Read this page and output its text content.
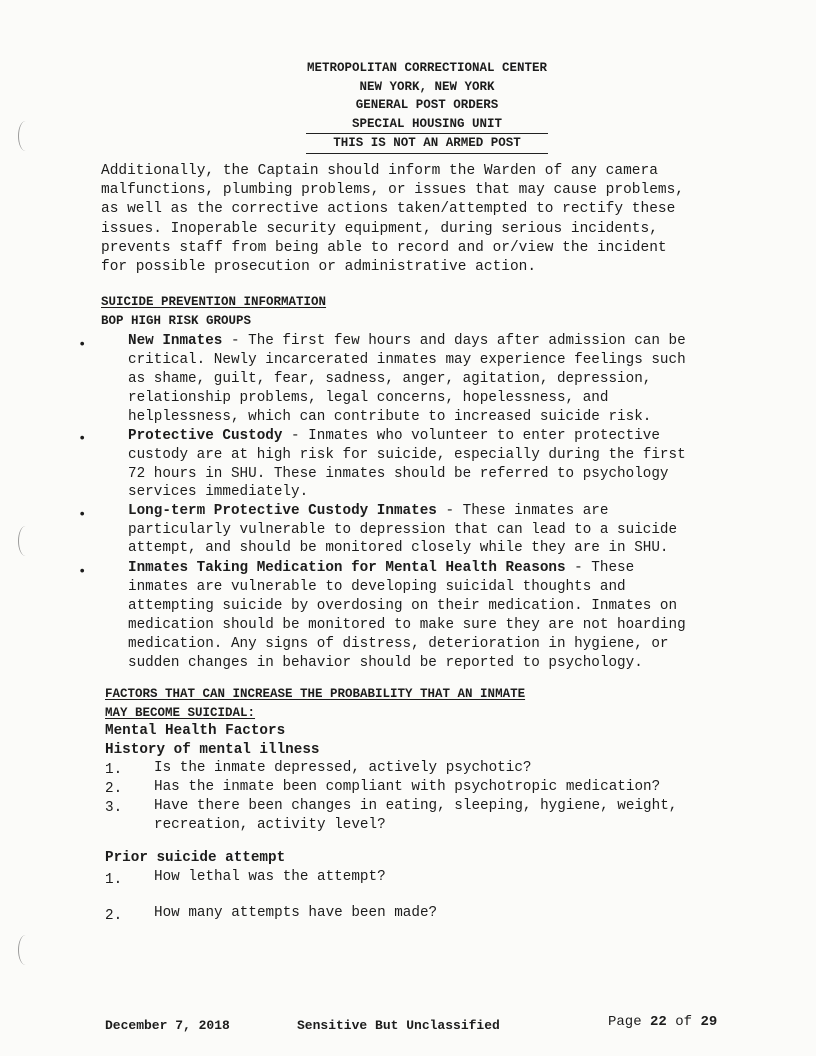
METROPOLITAN CORRECTIONAL CENTER
NEW YORK, NEW YORK
GENERAL POST ORDERS
SPECIAL HOUSING UNIT
THIS IS NOT AN ARMED POST
Additionally, the Captain should inform the Warden of any camera
malfunctions, plumbing problems, or issues that may cause problems,
as well as the corrective actions taken/attempted to rectify these
issues. Inoperable security equipment, during serious incidents,
prevents staff from being able to record and or/view the incident
for possible prosecution or administrative action.
SUICIDE PREVENTION INFORMATION
BOP HIGH RISK GROUPS
•	New Inmates - The first few hours and days after admission can be
critical. Newly incarcerated inmates may experience feelings such
as shame, guilt, fear, sadness, anger, agitation, depression,
relationship problems, legal concerns, hopelessness, and
helplessness, which can contribute to increased suicide risk.
•	Protective Custody - Inmates who volunteer to enter protective
custody are at high risk for suicide, especially during the first
72 hours in SHU. These inmates should be referred to psychology
services immediately.
•	Long-term Protective Custody Inmates - These inmates are
particularly vulnerable to depression that can lead to a suicide
attempt, and should be monitored closely while they are in SHU.
•	Inmates Taking Medication for Mental Health Reasons - These
inmates are vulnerable to developing suicidal thoughts and
attempting suicide by overdosing on their medication. Inmates on
medication should be monitored to make sure they are not hoarding
medication. Any signs of distress, deterioration in hygiene, or
sudden changes in behavior should be reported to psychology.
FACTORS THAT CAN INCREASE THE PROBABILITY THAT AN INMATE
MAY BECOME SUICIDAL:
Mental Health Factors
History of mental illness
1. Is the inmate depressed, actively psychotic?
2. Has the inmate been compliant with psychotropic medication?
3. Have there been changes in eating, sleeping, hygiene, weight,
recreation, activity level?
Prior suicide attempt
1. How lethal was the attempt?
2. How many attempts have been made?
December 7, 2018	Sensitive But Unclassified	Page 22 of 29
